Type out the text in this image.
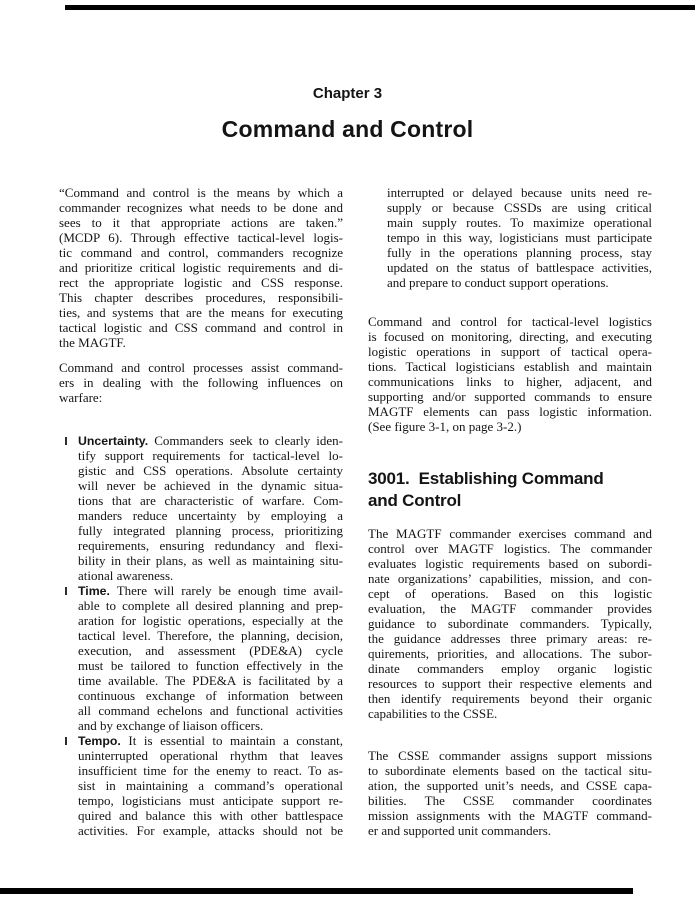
Chapter 3
Command and Control
“Command and control is the means by which a
commander recognizes what needs to be done and
sees to it that appropriate actions are taken.”
(MCDP 6). Through effective tactical-level logis-
tic command and control, commanders recognize
and prioritize critical logistic requirements and di-
rect the appropriate logistic and CSS response.
This chapter describes procedures, responsibili-
ties, and systems that are the means for executing
tactical logistic and CSS command and control in
the MAGTF.
Command and control processes assist command-
ers in dealing with the following influences on
warfare:
Uncertainty. Commanders seek to clearly iden-
tify support requirements for tactical-level lo-
gistic and CSS operations. Absolute certainty
will never be achieved in the dynamic situa-
tions that are characteristic of warfare. Com-
manders reduce uncertainty by employing a
fully integrated planning process, prioritizing
requirements, ensuring redundancy and flexi-
bility in their plans, as well as maintaining situ-
ational awareness.
Time. There will rarely be enough time avail-
able to complete all desired planning and prep-
aration for logistic operations, especially at the
tactical level. Therefore, the planning, decision,
execution, and assessment (PDE&A) cycle
must be tailored to function effectively in the
time available. The PDE&A is facilitated by a
continuous exchange of information between
all command echelons and functional activities
and by exchange of liaison officers.
Tempo. It is essential to maintain a constant,
uninterrupted operational rhythm that leaves
insufficient time for the enemy to react. To as-
sist in maintaining a command’s operational
tempo, logisticians must anticipate support re-
quired and balance this with other battlespace
activities. For example, attacks should not be
interrupted or delayed because units need re-
supply or because CSSDs are using critical
main supply routes. To maximize operational
tempo in this way, logisticians must participate
fully in the operations planning process, stay
updated on the status of battlespace activities,
and prepare to conduct support operations.
Command and control for tactical-level logistics
is focused on monitoring, directing, and executing
logistic operations in support of tactical opera-
tions. Tactical logisticians establish and maintain
communications links to higher, adjacent, and
supporting and/or supported commands to ensure
MAGTF elements can pass logistic information.
(See figure 3-1, on page 3-2.)
3001.  Establishing Command
and Control
The MAGTF commander exercises command and
control over MAGTF logistics. The commander
evaluates logistic requirements based on subordi-
nate organizations’ capabilities, mission, and con-
cept of operations. Based on this logistic
evaluation, the MAGTF commander provides
guidance to subordinate commanders. Typically,
the guidance addresses three primary areas: re-
quirements, priorities, and allocations. The subor-
dinate commanders employ organic logistic
resources to support their respective elements and
then identify requirements beyond their organic
capabilities to the CSSE.
The CSSE commander assigns support missions
to subordinate elements based on the tactical situ-
ation, the supported unit’s needs, and CSSE capa-
bilities. The CSSE commander coordinates
mission assignments with the MAGTF command-
er and supported unit commanders.
